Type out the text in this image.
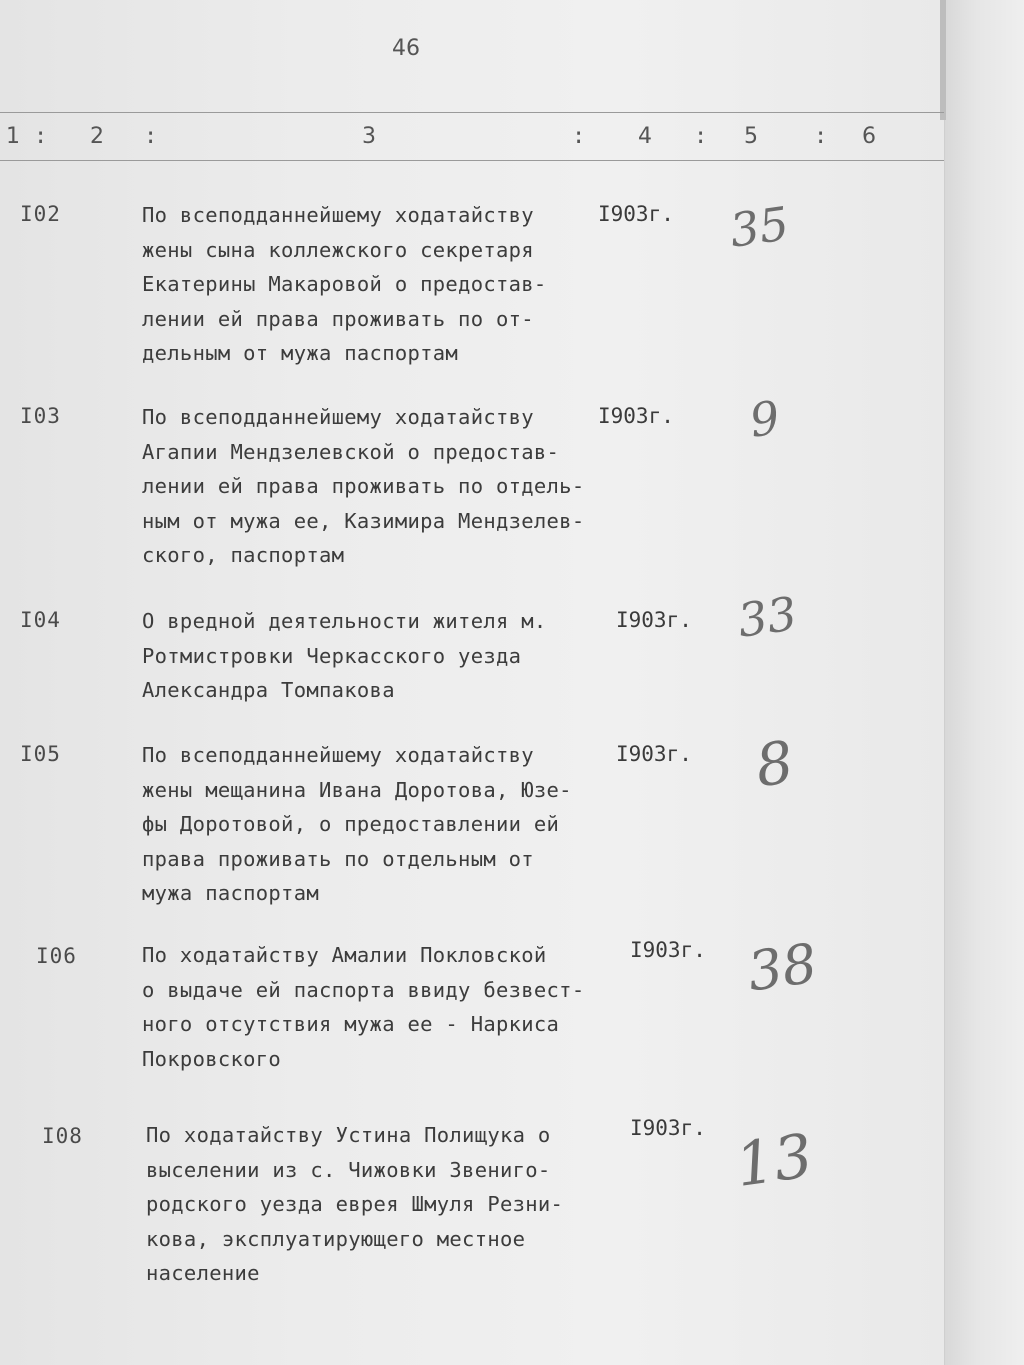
46
1 : 2 :	3	: 4 : 5	: 6
I02	По всеподданнейшему ходатайству
жены сына коллежского секретаря
Екатерины Макаровой о предостав-
лении ей права проживать по от-
дельным от мужа паспортам
I903г. 35
I03	По всеподданнейшему ходатайству
Агапии Мендзелевской о предостав-
лении ей права проживать по отдель-
ным от мужа ее, Казимира Мендзелев-
ского, паспортам
I903г. 9
I04	О вредной деятельности жителя м.
Ротмистровки Черкасского уезда
Александра Томпакова
I903г. 33
I05	По всеподданнейшему ходатайству
жены мещанина Ивана Доротова, Юзе-
фы Доротовой, о предоставлении ей
права проживать по отдельным от
мужа паспортам
I903г. 8
I06	По ходатайству Амалии Покловской
о выдаче ей паспорта ввиду безвест-
ного отсутствия мужа ее - Наркиса
Покровского
I903г. 38
I08	По ходатайству Устина Полищука о
выселении из с. Чижовки Звениго-
родского уезда еврея Шмуля Резни-
кова, эксплуатирующего местное
население
I903г. 13
